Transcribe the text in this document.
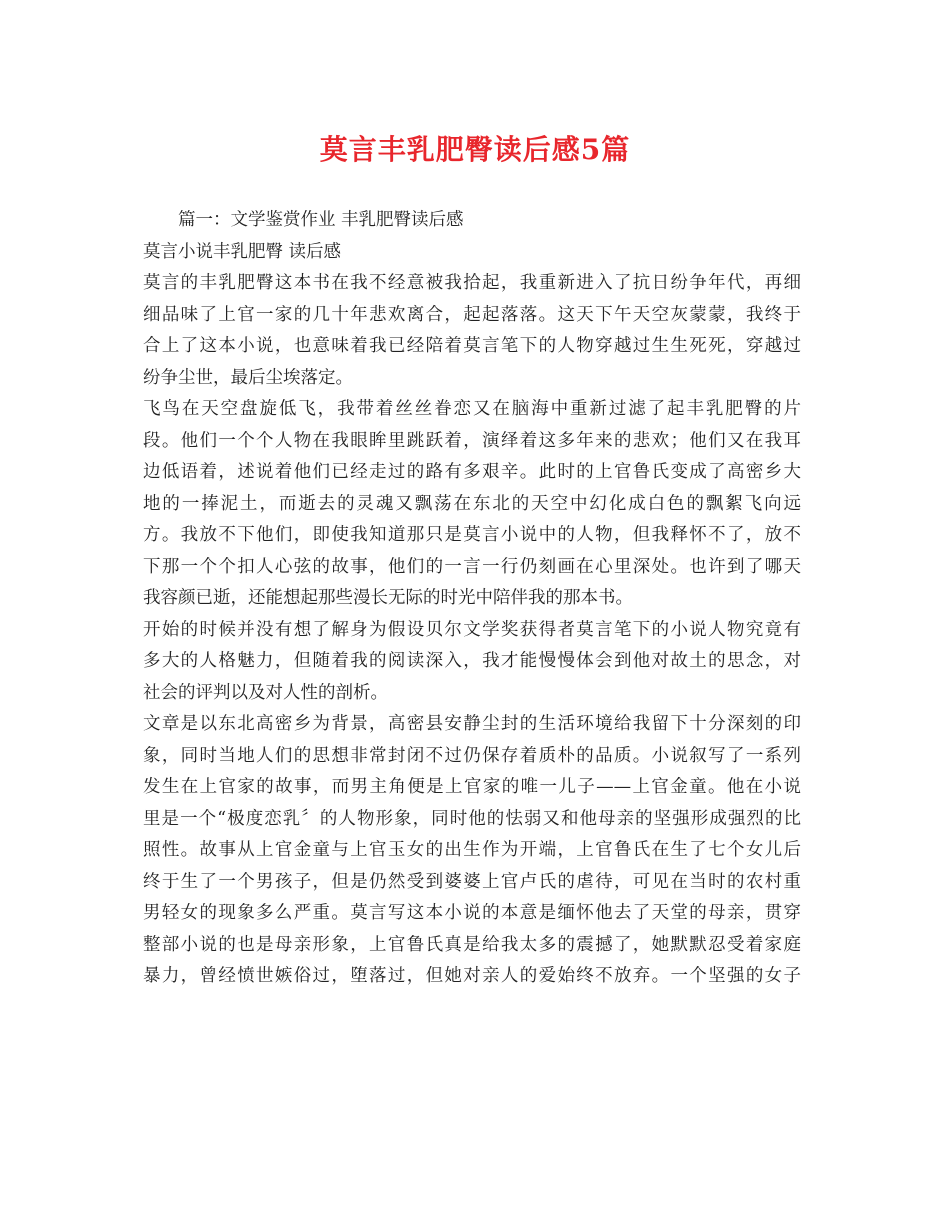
莫言丰乳肥臀读后感5篇

篇一：文学鉴赏作业 丰乳肥臀读后感

莫言小说丰乳肥臀 读后感

莫言的丰乳肥臀这本书在我不经意被我拾起，我重新进入了抗日纷争年代，再细
细品味了上官一家的几十年悲欢离合，起起落落。这天下午天空灰蒙蒙，我终于
合上了这本小说，也意味着我已经陪着莫言笔下的人物穿越过生生死死，穿越过
纷争尘世，最后尘埃落定。

飞鸟在天空盘旋低飞，我带着丝丝眷恋又在脑海中重新过滤了起丰乳肥臀的片
段。他们一个个人物在我眼眸里跳跃着，演绎着这多年来的悲欢；他们又在我耳
边低语着，述说着他们已经走过的路有多艰辛。此时的上官鲁氏变成了高密乡大
地的一捧泥土，而逝去的灵魂又飘荡在东北的天空中幻化成白色的飘絮飞向远
方。我放不下他们，即使我知道那只是莫言小说中的人物，但我释怀不了，放不
下那一个个扣人心弦的故事，他们的一言一行仍刻画在心里深处。也许到了哪天
我容颜已逝，还能想起那些漫长无际的时光中陪伴我的那本书。

开始的时候并没有想了解身为假设贝尔文学奖获得者莫言笔下的小说人物究竟有
多大的人格魅力，但随着我的阅读深入，我才能慢慢体会到他对故土的思念，对
社会的评判以及对人性的剖析。

文章是以东北高密乡为背景，高密县安静尘封的生活环境给我留下十分深刻的印
象，同时当地人们的思想非常封闭不过仍保存着质朴的品质。小说叙写了一系列
发生在上官家的故事，而男主角便是上官家的唯一儿子——上官金童。他在小说
里是一个“极度恋乳〞的人物形象，同时他的怯弱又和他母亲的坚强形成强烈的比
照性。故事从上官金童与上官玉女的出生作为开端，上官鲁氏在生了七个女儿后
终于生了一个男孩子，但是仍然受到婆婆上官卢氏的虐待，可见在当时的农村重
男轻女的现象多么严重。莫言写这本小说的本意是缅怀他去了天堂的母亲，贯穿
整部小说的也是母亲形象，上官鲁氏真是给我太多的震撼了，她默默忍受着家庭
暴力，曾经愤世嫉俗过，堕落过，但她对亲人的爱始终不放弃。一个坚强的女子
